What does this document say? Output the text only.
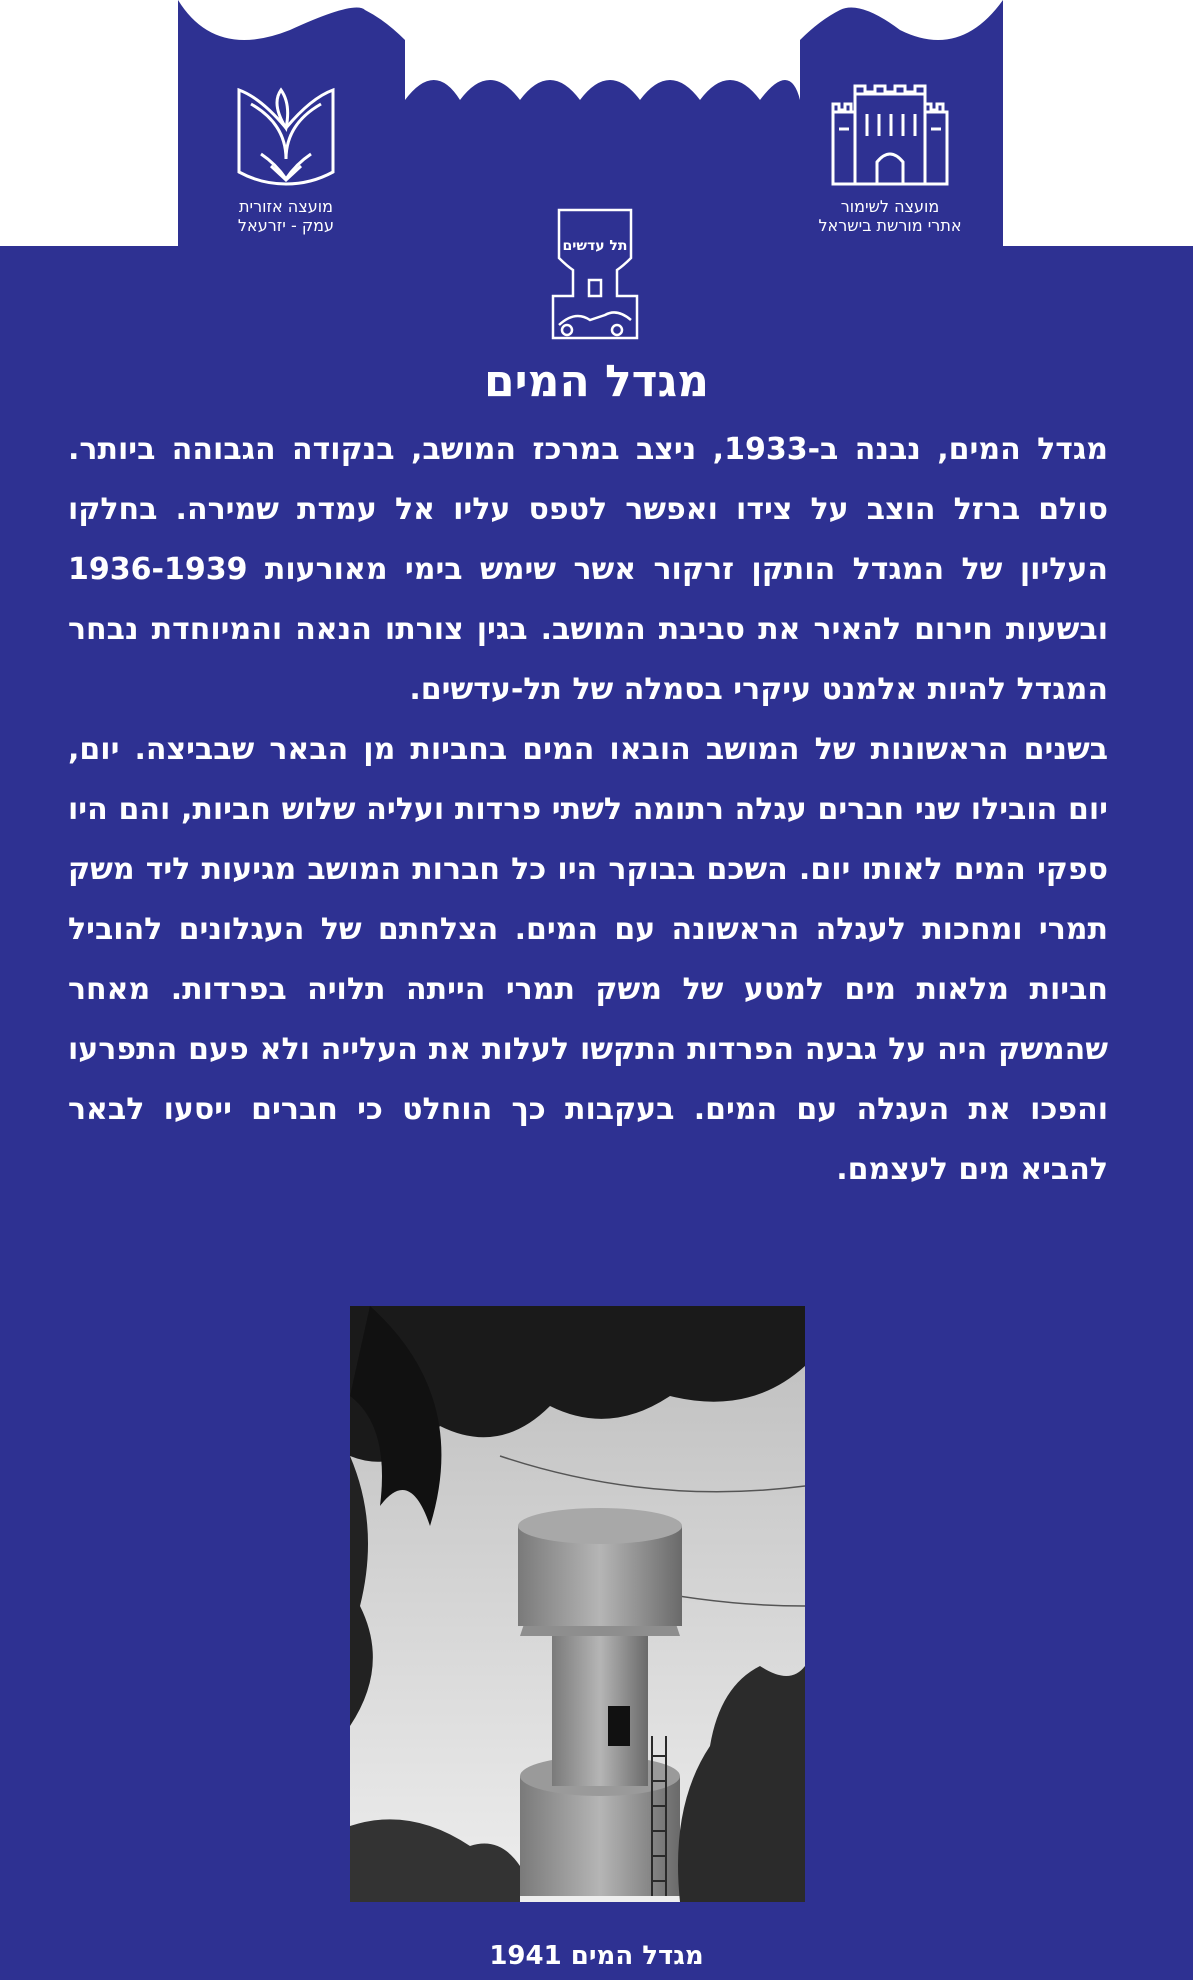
מועצה אזורית
עמק - יזרעאל
מועצה לשימור
אתרי מורשת בישראל
תל עדשים
מגדל המים

מגדל המים, נבנה ב-1933, ניצב במרכז המושב, בנקודה הגבוהה ביותר. סולם ברזל הוצב על צידו ואפשר לטפס עליו אל עמדת שמירה. בחלקו העליון של המגדל הותקן זרקור אשר שימש בימי מאורעות 1936-1939 ובשעות חירום להאיר את סביבת המושב. בגין צורתו הנאה והמיוחדת נבחר המגדל להיות אלמנט עיקרי בסמלה של תל-עדשים.

בשנים הראשונות של המושב הובאו המים בחביות מן הבאר שבביצה. יום, יום הובילו שני חברים עגלה רתומה לשתי פרדות ועליה שלוש חביות, והם היו ספקי המים לאותו יום. השכם בבוקר היו כל חברות המושב מגיעות ליד משק תמרי ומחכות לעגלה הראשונה עם המים. הצלחתם של העגלונים להוביל חביות מלאות מים למטע של משק תמרי הייתה תלויה בפרדות. מאחר שהמשק היה על גבעה הפרדות התקשו לעלות את העלייה ולא פעם התפרעו והפכו את העגלה עם המים. בעקבות כך הוחלט כי חברים ייסעו לבאר להביא מים לעצמם.

מגדל המים 1941
